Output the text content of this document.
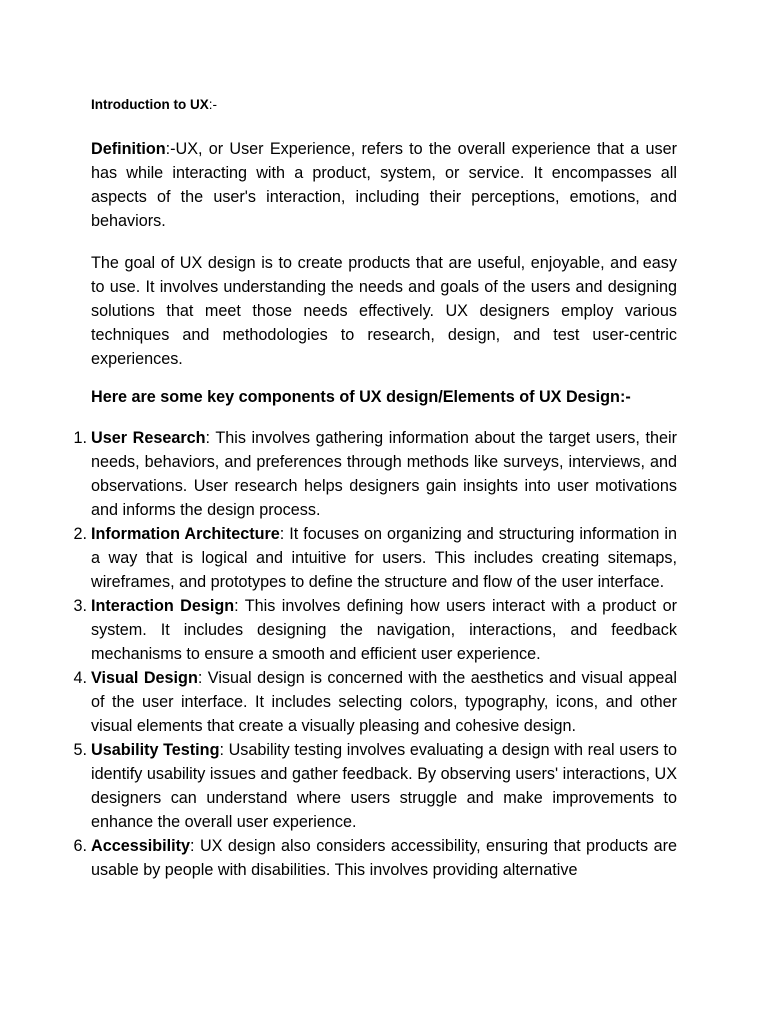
Introduction to UX:-

Definition:-UX, or User Experience, refers to the overall experience that a user has while interacting with a product, system, or service. It encompasses all aspects of the user's interaction, including their perceptions, emotions, and behaviors.

The goal of UX design is to create products that are useful, enjoyable, and easy to use. It involves understanding the needs and goals of the users and designing solutions that meet those needs effectively. UX designers employ various techniques and methodologies to research, design, and test user-centric experiences.

Here are some key components of UX design/Elements of UX Design:-

1. User Research: This involves gathering information about the target users, their needs, behaviors, and preferences through methods like surveys, interviews, and observations. User research helps designers gain insights into user motivations and informs the design process.
2. Information Architecture: It focuses on organizing and structuring information in a way that is logical and intuitive for users. This includes creating sitemaps, wireframes, and prototypes to define the structure and flow of the user interface.
3. Interaction Design: This involves defining how users interact with a product or system. It includes designing the navigation, interactions, and feedback mechanisms to ensure a smooth and efficient user experience.
4. Visual Design: Visual design is concerned with the aesthetics and visual appeal of the user interface. It includes selecting colors, typography, icons, and other visual elements that create a visually pleasing and cohesive design.
5. Usability Testing: Usability testing involves evaluating a design with real users to identify usability issues and gather feedback. By observing users' interactions, UX designers can understand where users struggle and make improvements to enhance the overall user experience.
6. Accessibility: UX design also considers accessibility, ensuring that products are usable by people with disabilities. This involves providing alternative
